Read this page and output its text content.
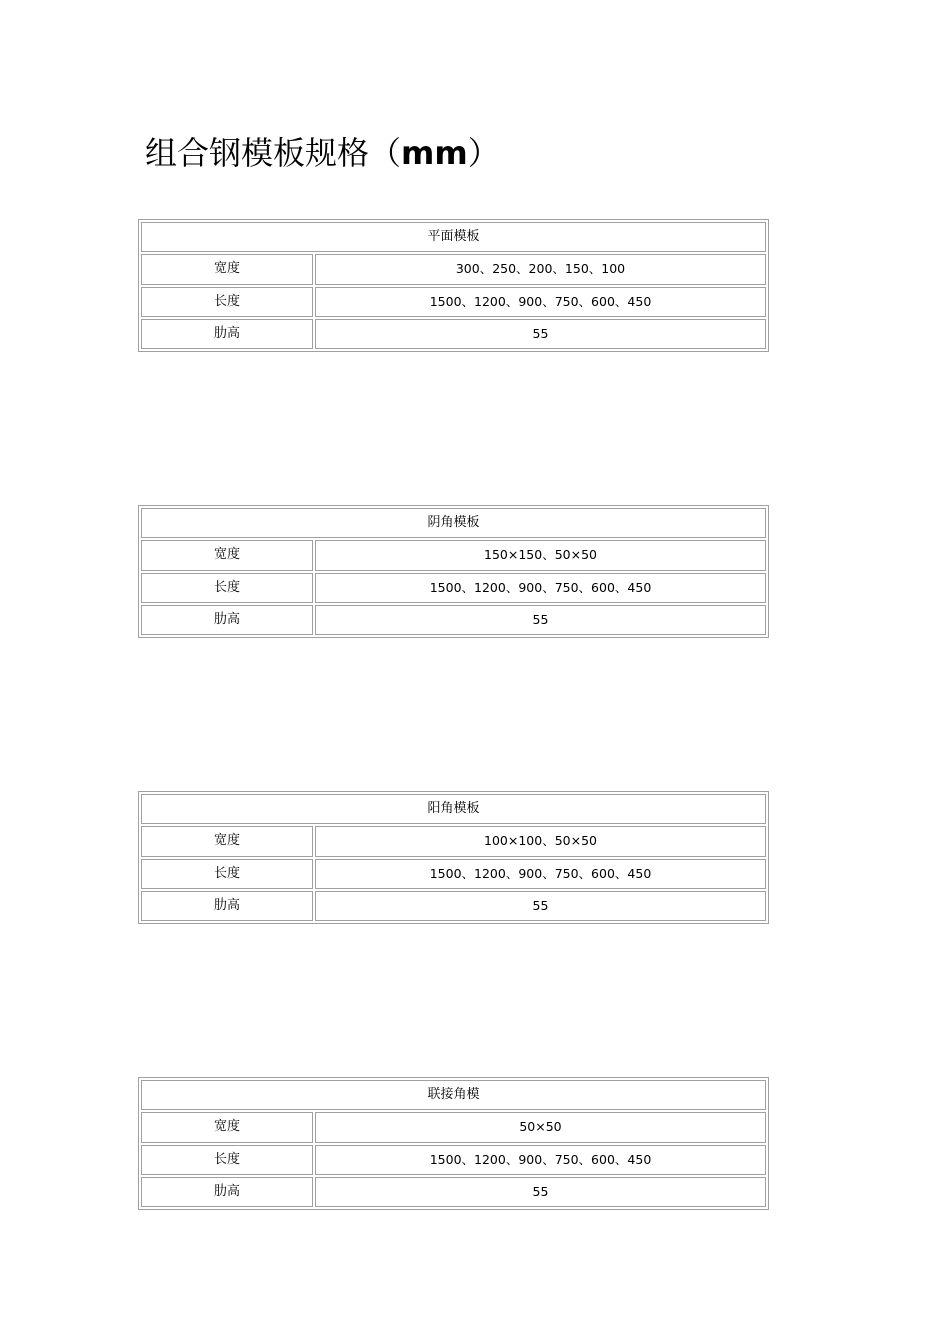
组合钢模板规格（mm）
平面模板	
宽度	300、250、200、150、100
长度	1500、1200、900、750、600、450
肋高	55
阴角模板	
宽度	150×150、50×50
长度	1500、1200、900、750、600、450
肋高	55
阳角模板	
宽度	100×100、50×50
长度	1500、1200、900、750、600、450
肋高	55
联接角模	
宽度	50×50
长度	1500、1200、900、750、600、450
肋高	55
